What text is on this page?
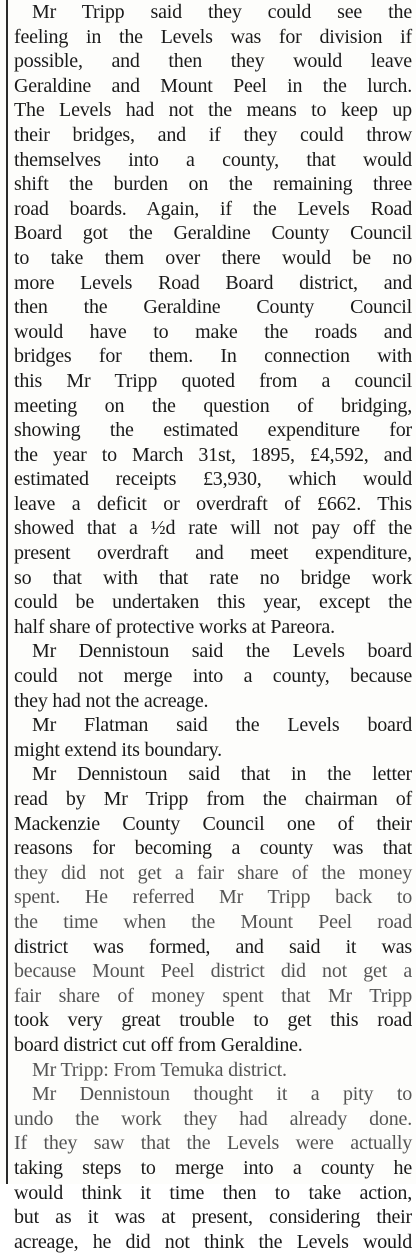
Mr Tripp said they could see the
feeling in the Levels was for division if
possible, and then they would leave
Geraldine and Mount Peel in the lurch.
The Levels had not the means to keep up
their bridges, and if they could throw
themselves into a county, that would
shift the burden on the remaining three
road boards. Again, if the Levels Road
Board got the Geraldine County Council
to take them over there would be no
more Levels Road Board district, and
then the Geraldine County Council
would have to make the roads and
bridges for them. In connection with
this Mr Tripp quoted from a council
meeting on the question of bridging,
showing the estimated expenditure for
the year to March 31st, 1895, £4,592, and
estimated receipts £3,930, which would
leave a deficit or overdraft of £662. This
showed that a ½d rate will not pay off the
present overdraft and meet expenditure,
so that with that rate no bridge work
could be undertaken this year, except the
half share of protective works at Pareora.
Mr Dennistoun said the Levels board
could not merge into a county, because
they had not the acreage.
Mr Flatman said the Levels board
might extend its boundary.
Mr Dennistoun said that in the letter
read by Mr Tripp from the chairman of
Mackenzie County Council one of their
reasons for becoming a county was that
they did not get a fair share of the money
spent. He referred Mr Tripp back to
the time when the Mount Peel road
district was formed, and said it was
because Mount Peel district did not get a
fair share of money spent that Mr Tripp
took very great trouble to get this road
board district cut off from Geraldine.
Mr Tripp: From Temuka district.
Mr Dennistoun thought it a pity to
undo the work they had already done.
If they saw that the Levels were actually
taking steps to merge into a county he
would think it time then to take action,
but as it was at present, considering their
acreage, he did not think the Levels would
